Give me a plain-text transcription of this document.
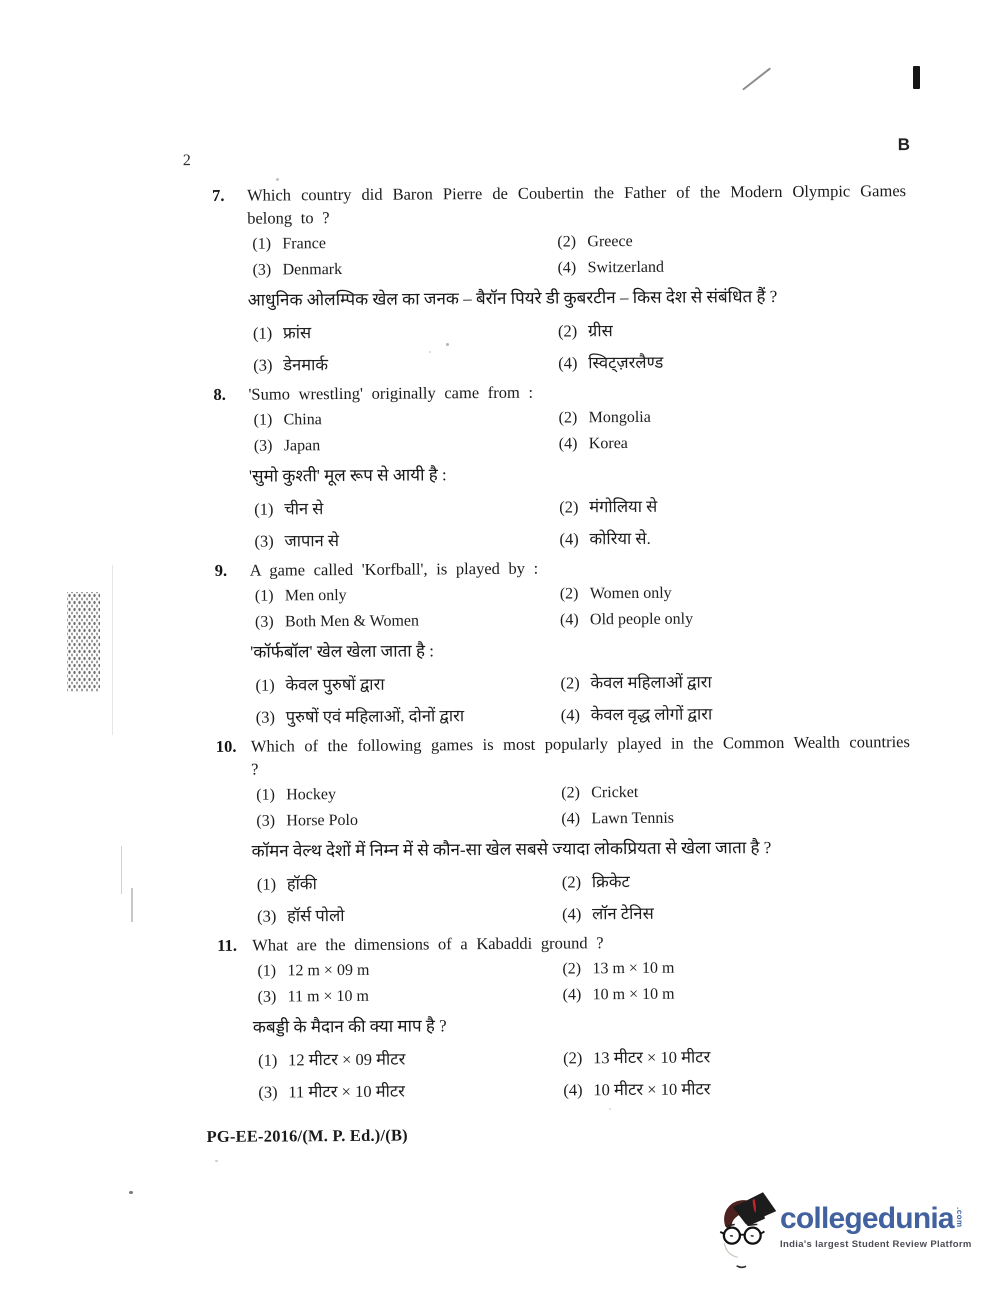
2
B
7. Which country did Baron Pierre de Coubertin the Father of the Modern Olympic Games belong to ?
(1) France	(2) Greece
(3) Denmark	(4) Switzerland
आधुनिक ओलम्पिक खेल का जनक – बैरॉन पियरे डी कुबरटीन – किस देश से संबंधित हैं ?
(1) फ्रांस	(2) ग्रीस
(3) डेनमार्क	(4) स्विट्ज़रलैण्ड
8. 'Sumo wrestling' originally came from :
(1) China	(2) Mongolia
(3) Japan	(4) Korea
'सुमो कुश्ती' मूल रूप से आयी है :
(1) चीन से	(2) मंगोलिया से
(3) जापान से	(4) कोरिया से.
9. A game called 'Korfball', is played by :
(1) Men only	(2) Women only
(3) Both Men & Women	(4) Old people only
'कॉर्फबॉल' खेल खेला जाता है :
(1) केवल पुरुषों द्वारा	(2) केवल महिलाओं द्वारा
(3) पुरुषों एवं महिलाओं, दोनों द्वारा	(4) केवल वृद्ध लोगों द्वारा
10. Which of the following games is most popularly played in the Common Wealth countries ?
(1) Hockey	(2) Cricket
(3) Horse Polo	(4) Lawn Tennis
कॉमन वेल्थ देशों में निम्न में से कौन-सा खेल सबसे ज्यादा लोकप्रियता से खेला जाता है ?
(1) हॉकी	(2) क्रिकेट
(3) हॉर्स पोलो	(4) लॉन टेनिस
11. What are the dimensions of a Kabaddi ground ?
(1) 12 m × 09 m	(2) 13 m × 10 m
(3) 11 m × 10 m	(4) 10 m × 10 m
कबड्डी के मैदान की क्या माप है ?
(1) 12 मीटर × 09 मीटर	(2) 13 मीटर × 10 मीटर
(3) 11 मीटर × 10 मीटर	(4) 10 मीटर × 10 मीटर
PG-EE-2016/(M. P. Ed.)/(B)
collegedunia .com
India's largest Student Review Platform
